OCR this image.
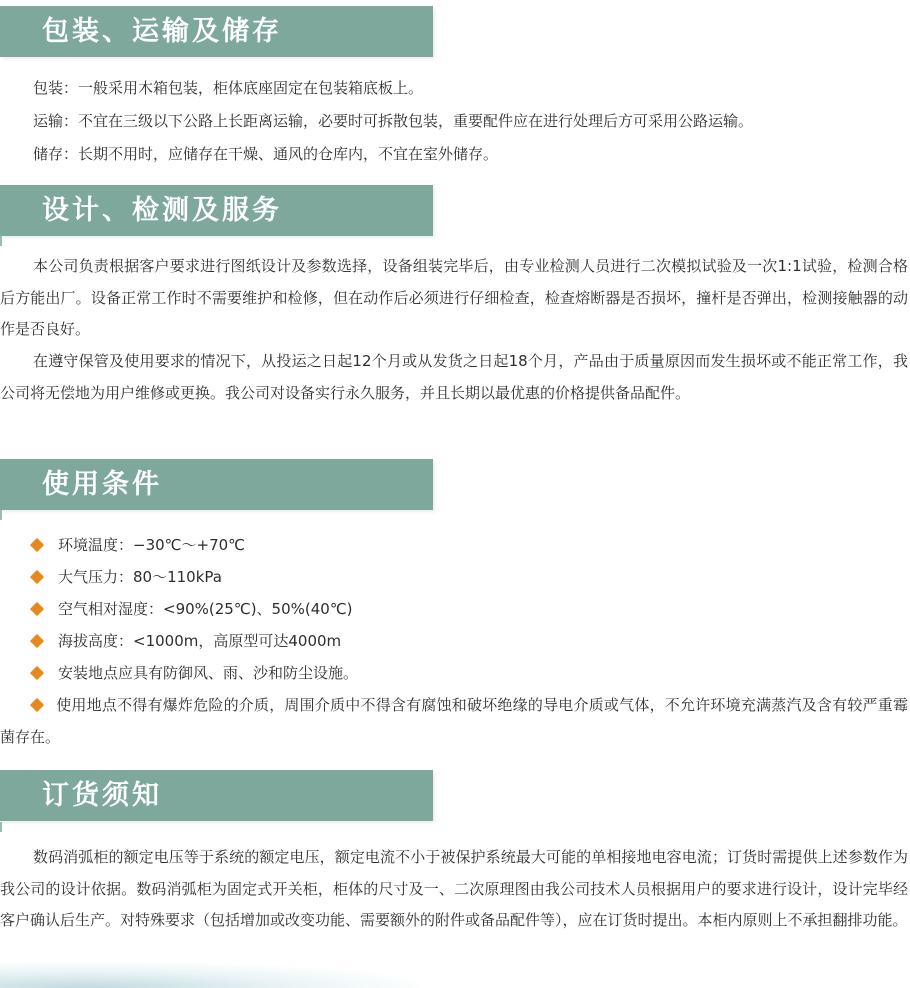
包装、运输及储存
包装：一般采用木箱包装，柜体底座固定在包装箱底板上。
运输：不宜在三级以下公路上长距离运输，必要时可拆散包装，重要配件应在进行处理后方可采用公路运输。
储存：长期不用时，应储存在干燥、通风的仓库内，不宜在室外储存。
设计、检测及服务
本公司负责根据客户要求进行图纸设计及参数选择，设备组装完毕后，由专业检测人员进行二次模拟试验及一次1:1试验，检测合格后方能出厂。设备正常工作时不需要维护和检修，但在动作后必须进行仔细检查，检查熔断器是否损坏，撞杆是否弹出，检测接触器的动作是否良好。
在遵守保管及使用要求的情况下，从投运之日起12个月或从发货之日起18个月，产品由于质量原因而发生损坏或不能正常工作，我公司将无偿地为用户维修或更换。我公司对设备实行永久服务，并且长期以最优惠的价格提供备品配件。
使用条件
环境温度：−30℃～+70℃
大气压力：80～110kPa
空气相对湿度：<90%(25℃)、50%(40℃)
海拔高度：<1000m，高原型可达4000m
安装地点应具有防御风、雨、沙和防尘设施。
使用地点不得有爆炸危险的介质，周围介质中不得含有腐蚀和破坏绝缘的导电介质或气体，不允许环境充满蒸汽及含有较严重霉菌存在。
订货须知
数码消弧柜的额定电压等于系统的额定电压，额定电流不小于被保护系统最大可能的单相接地电容电流；订货时需提供上述参数作为我公司的设计依据。数码消弧柜为固定式开关柜，柜体的尺寸及一、二次原理图由我公司技术人员根据用户的要求进行设计，设计完毕经客户确认后生产。对特殊要求（包括增加或改变功能、需要额外的附件或备品配件等），应在订货时提出。本柜内原则上不承担翻排功能。
